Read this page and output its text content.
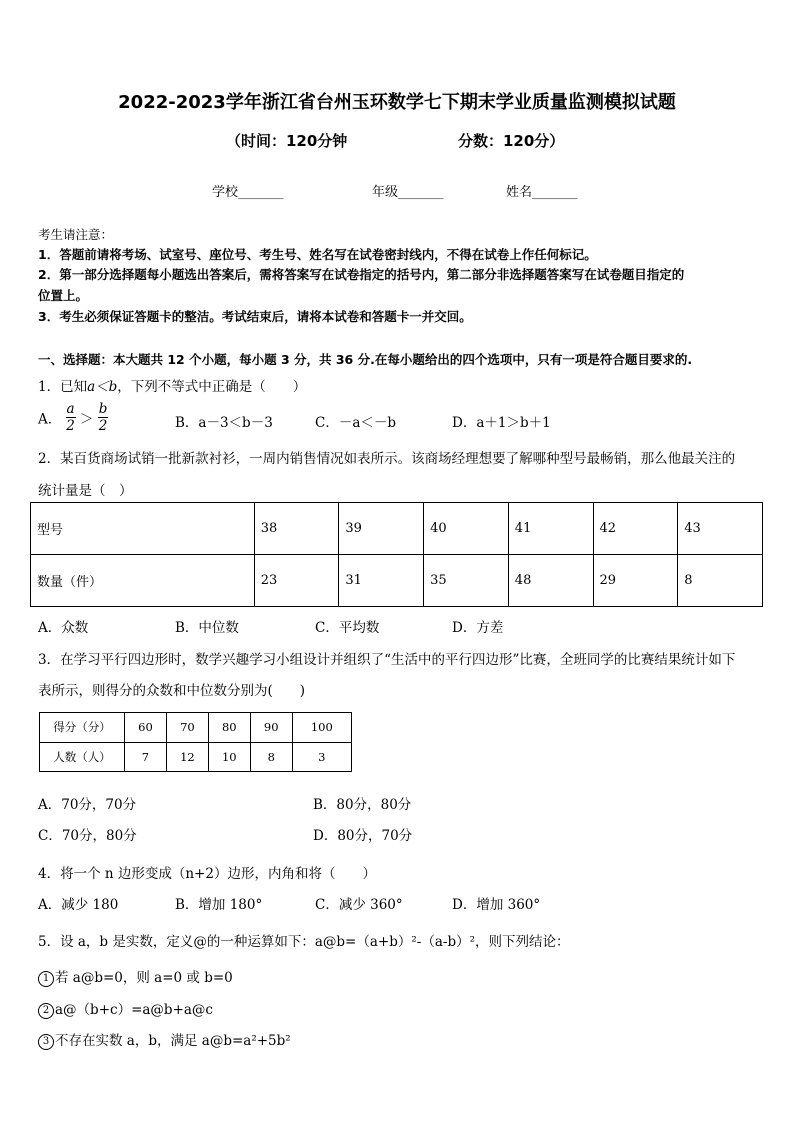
2022-2023学年浙江省台州玉环数学七下期末学业质量监测模拟试题
（时间：120分钟	分数：120分）
学校_______	年级_______	姓名_______
考生请注意：
1．答题前请将考场、试室号、座位号、考生号、姓名写在试卷密封线内，不得在试卷上作任何标记。
2．第一部分选择题每小题选出答案后，需将答案写在试卷指定的括号内，第二部分非选择题答案写在试卷题目指定的
位置上。
3．考生必须保证答题卡的整洁。考试结束后，请将本试卷和答题卡一并交回。
一、选择题：本大题共 12 个小题，每小题 3 分，共 36 分.在每小题给出的四个选项中，只有一项是符合题目要求的.
1．已知a＜b，下列不等式中正确是（　　）
A． $\frac{a}{2} > \frac{b}{2}$	B．a－3＜b－3	C．－a＜－b	D．a＋1＞b＋1
2．某百货商场试销一批新款衬衫，一周内销售情况如表所示。该商场经理想要了解哪种型号最畅销，那么他最关注的
统计量是（　）
型号	38	39	40	41	42	43
数量（件）	23	31	35	48	29	8
A．众数	B．中位数	C．平均数	D．方差
3．在学习平行四边形时，数学兴趣学习小组设计并组织了“生活中的平行四边形”比赛，全班同学的比赛结果统计如下
表所示，则得分的众数和中位数分别为(　　)
得分（分）	60	70	80	90	100
人数（人）	7	12	10	8	3
A．70分，70分	B．80分，80分
C．70分，80分	D．80分，70分
4．将一个 n 边形变成（n+2）边形，内角和将（　　）
A．减少 180	B．增加 180°	C．减少 360°	D．增加 360°
5．设 a，b 是实数，定义@的一种运算如下：a@b=（a+b）²-（a-b）²，则下列结论：
1 若 a@b=0，则 a=0 或 b=0
2 a@（b+c）=a@b+a@c
3 不存在实数 a，b，满足 a@b=a²+5b²
